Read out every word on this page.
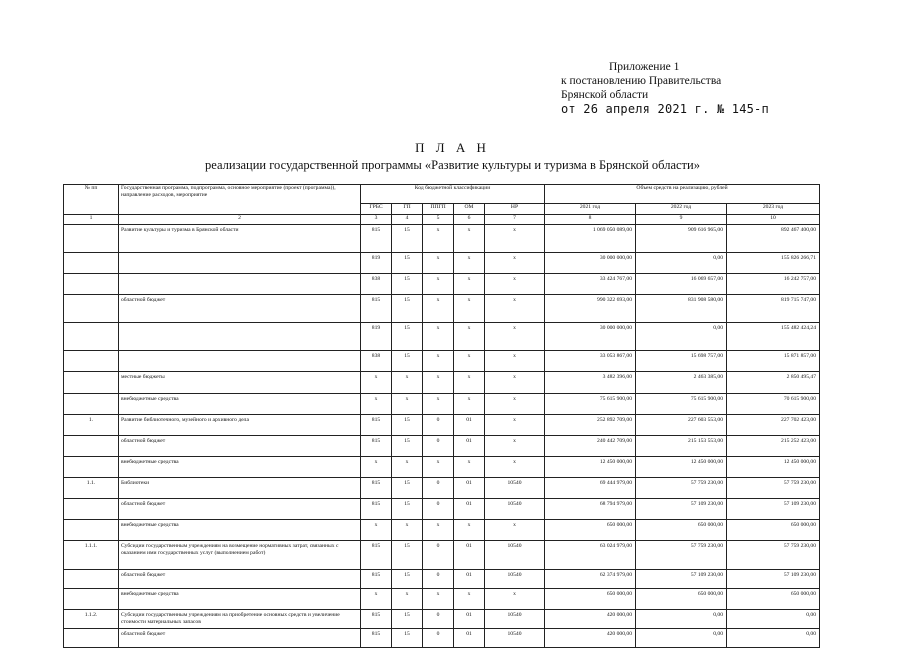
Приложение 1
к постановлению Правительства
Брянской области
от 26 апреля 2021 г. № 145-п
П Л А Н
реализации государственной программы «Развитие культуры и туризма в Брянской области»
№ пп	Государственная программа, подпрограмма, основное мероприятие (проект (программа)), направление расходов, мероприятие	Код бюджетной классификации					Объем средств на реализацию, рублей		
		ГРБС	ГП	ППГП	ОМ	НР	2021 год	2022 год	2023 год
1	2	3	4	5	6	7	8	9	10
	Развитие культуры и туризма в Брянской области	815	15	х	х	х	1 069 050 089,00	909 616 965,00	892 467 400,00
		819	15	х	х	х	30 000 000,00	0,00	155 826 266,71
		838	15	х	х	х	33 424 767,00	16 069 657,00	16 242 757,00
	областной бюджет	815	15	х	х	х	990 322 693,00	831 908 580,00	819 715 747,00
		819	15	х	х	х	30 000 000,00	0,00	155 482 424,24
		838	15	х	х	х	33 053 867,00	15 698 757,00	15 871 857,00
	местные бюджеты	х	х	х	х	х	3 482 396,00	2 463 385,00	2 850 495,47
	внебюджетные средства	х	х	х	х	х	75 615 900,00	75 615 900,00	70 615 900,00
1.	Развитие библиотечного, музейного и архивного дела	815	15	0	01	х	252 892 709,00	227 603 553,00	227 702 423,00
	областной бюджет	815	15	0	01	х	240 442 709,00	215 153 553,00	215 252 423,00
	внебюджетные средства	х	х	х	х	х	12 450 000,00	12 450 000,00	12 450 000,00
1.1.	Библиотеки	815	15	0	01	10540	69 444 979,00	57 759 230,00	57 759 230,00
	областной бюджет	815	15	0	01	10540	68 794 979,00	57 109 230,00	57 109 230,00
	внебюджетные средства	х	х	х	х	х	650 000,00	650 000,00	650 000,00
1.1.1.	Субсидии государственным учреждениям на возмещение нормативных затрат, связанных с оказанием ими государственных услуг (выполнением работ)	815	15	0	01	10540	63 024 979,00	57 759 230,00	57 759 230,00
	областной бюджет	815	15	0	01	10540	62 374 979,00	57 109 230,00	57 109 230,00
	внебюджетные средства	х	х	х	х	х	650 000,00	650 000,00	650 000,00
1.1.2.	Субсидии государственным учреждениям на приобретение основных средств и увеличение стоимости материальных запасов	815	15	0	01	10540	420 000,00	0,00	0,00
	областной бюджет	815	15	0	01	10540	420 000,00	0,00	0,00
